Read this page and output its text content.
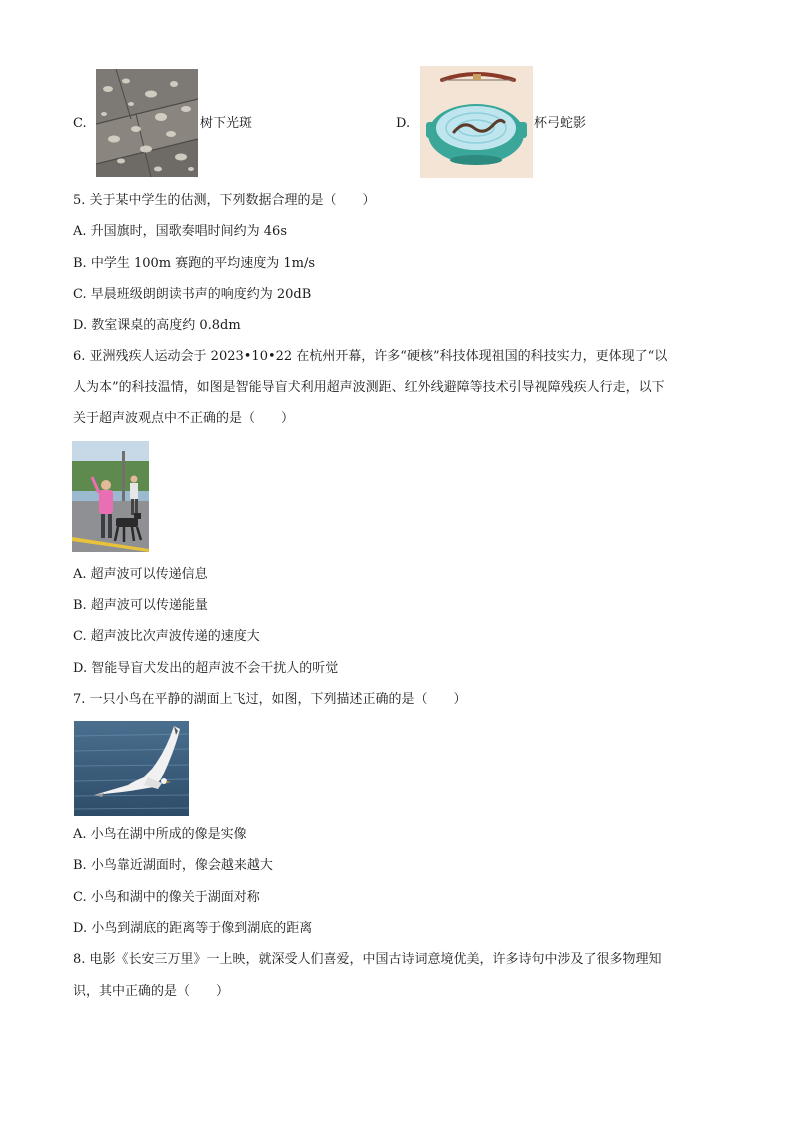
C.	树下光斑	D.	杯弓蛇影
5. 关于某中学生的估测，下列数据合理的是（　　）
A. 升国旗时，国歌奏唱时间约为 46s
B. 中学生 100m 赛跑的平均速度为 1m/s
C. 早晨班级朗朗读书声的响度约为 20dB
D. 教室课桌的高度约 0.8dm
6. 亚洲残疾人运动会于 2023•10•22 在杭州开幕，许多“硬核”科技体现祖国的科技实力，更体现了“以
人为本”的科技温情，如图是智能导盲犬利用超声波测距、红外线避障等技术引导视障残疾人行走，以下
关于超声波观点中不正确的是（　　）
A. 超声波可以传递信息
B. 超声波可以传递能量
C. 超声波比次声波传递的速度大
D. 智能导盲犬发出的超声波不会干扰人的听觉
7. 一只小鸟在平静的湖面上飞过，如图，下列描述正确的是（　　）
A. 小鸟在湖中所成的像是实像
B. 小鸟靠近湖面时，像会越来越大
C. 小鸟和湖中的像关于湖面对称
D. 小鸟到湖底的距离等于像到湖底的距离
8. 电影《长安三万里》一上映，就深受人们喜爱，中国古诗词意境优美，许多诗句中涉及了很多物理知
识，其中正确的是（　　）
